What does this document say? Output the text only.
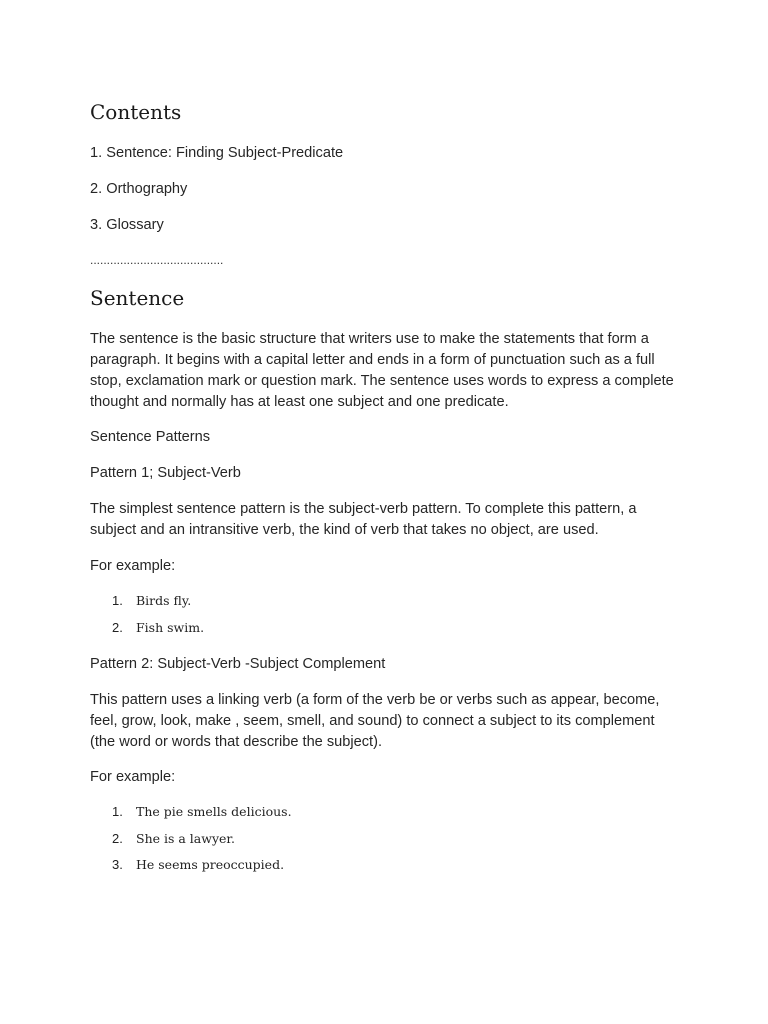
Contents

1. Sentence: Finding Subject-Predicate

2. Orthography

3. Glossary

........................................
Sentence

The sentence is the basic structure that writers use to make the statements that form a paragraph. It begins with a capital letter and ends in a form of punctuation such as a full stop, exclamation mark or question mark. The sentence uses words to express a complete thought and normally has at least one subject and one predicate.

Sentence Patterns

Pattern 1; Subject-Verb

The simplest sentence pattern is the subject-verb pattern. To complete this pattern, a subject and an intransitive verb, the kind of verb that takes no object, are used.

For example:

1. Birds fly.
2. Fish swim.

Pattern 2: Subject-Verb -Subject Complement

This pattern uses a linking verb (a form of the verb be or verbs such as appear, become, feel, grow, look, make , seem, smell, and sound) to connect a subject to its complement (the word or words that describe the subject).

For example:

1. The pie smells delicious.
2. She is a lawyer.
3. He seems preoccupied.
